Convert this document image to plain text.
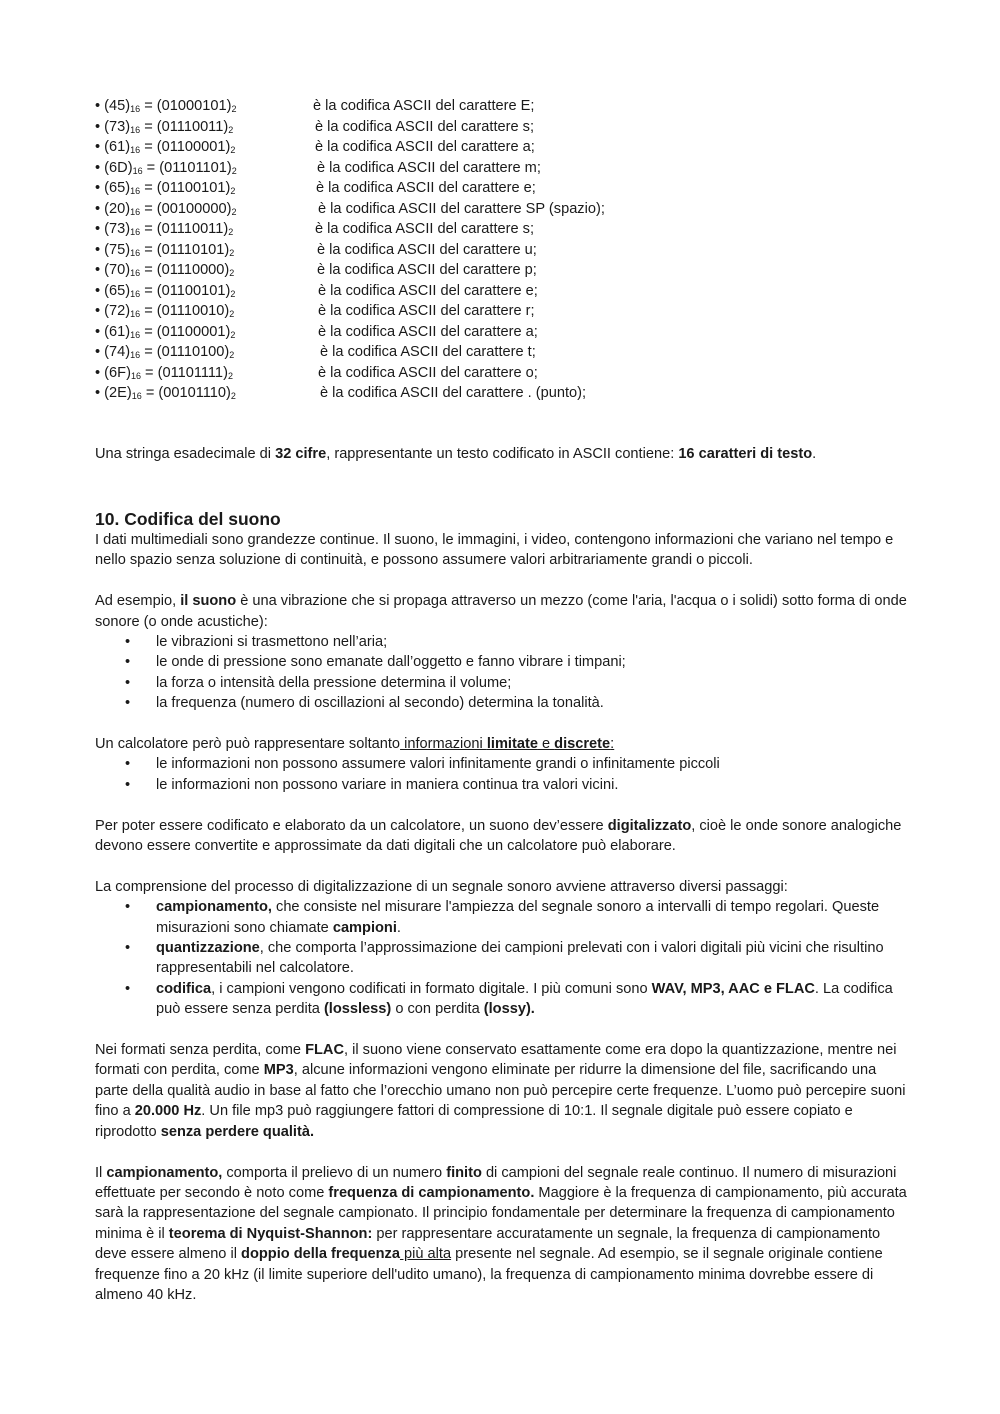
• $(45)_{16} = (01000101)_2$	è la codifica ASCII del carattere E;
• $(73)_{16} = (01110011)_2$	è la codifica ASCII del carattere s;
• $(61)_{16} = (01100001)_2$	è la codifica ASCII del carattere a;
• $(6D)_{16} = (01101101)_2$	è la codifica ASCII del carattere m;
• $(65)_{16} = (01100101)_2$	è la codifica ASCII del carattere e;
• $(20)_{16} = (00100000)_2$	è la codifica ASCII del carattere SP (spazio);
• $(73)_{16} = (01110011)_2$	è la codifica ASCII del carattere s;
• $(75)_{16} = (01110101)_2$	è la codifica ASCII del carattere u;
• $(70)_{16} = (01110000)_2$	è la codifica ASCII del carattere p;
• $(65)_{16} = (01100101)_2$	è la codifica ASCII del carattere e;
• $(72)_{16} = (01110010)_2$	è la codifica ASCII del carattere r;
• $(61)_{16} = (01100001)_2$	è la codifica ASCII del carattere a;
• $(74)_{16} = (01110100)_2$	è la codifica ASCII del carattere t;
• $(6F)_{16} = (01101111)_2$	è la codifica ASCII del carattere o;
• $(2E)_{16} = (00101110)_2$	è la codifica ASCII del carattere . (punto);

Una stringa esadecimale di 32 cifre, rappresentante un testo codificato in ASCII contiene: 16 caratteri di testo.

10. Codifica del suono

I dati multimediali sono grandezze continue. Il suono, le immagini, i video, contengono informazioni che variano nel tempo e nello spazio senza soluzione di continuità, e possono assumere valori arbitrariamente grandi o piccoli.

Ad esempio, il suono è una vibrazione che si propaga attraverso un mezzo (come l'aria, l'acqua o i solidi) sotto forma di onde sonore (o onde acustiche):

• le vibrazioni si trasmettono nell’aria;
• le onde di pressione sono emanate dall’oggetto e fanno vibrare i timpani;
• la forza o intensità della pressione determina il volume;
• la frequenza (numero di oscillazioni al secondo) determina la tonalità.

Un calcolatore però può rappresentare soltanto informazioni limitate e discrete:

• le informazioni non possono assumere valori infinitamente grandi o infinitamente piccoli
• le informazioni non possono variare in maniera continua tra valori vicini.

Per poter essere codificato e elaborato da un calcolatore, un suono dev’essere digitalizzato, cioè le onde sonore analogiche devono essere convertite e approssimate da dati digitali che un calcolatore può elaborare.

La comprensione del processo di digitalizzazione di un segnale sonoro avviene attraverso diversi passaggi:

• campionamento, che consiste nel misurare l'ampiezza del segnale sonoro a intervalli di tempo regolari. Queste misurazioni sono chiamate campioni.
• quantizzazione, che comporta l’approssimazione dei campioni prelevati con i valori digitali più vicini che risultino rappresentabili nel calcolatore.
• codifica, i campioni vengono codificati in formato digitale. I più comuni sono WAV, MP3, AAC e FLAC. La codifica può essere senza perdita (lossless) o con perdita (lossy).

Nei formati senza perdita, come FLAC, il suono viene conservato esattamente come era dopo la quantizzazione, mentre nei formati con perdita, come MP3, alcune informazioni vengono eliminate per ridurre la dimensione del file, sacrificando una parte della qualità audio in base al fatto che l’orecchio umano non può percepire certe frequenze. L’uomo può percepire suoni fino a 20.000 Hz. Un file mp3 può raggiungere fattori di compressione di 10:1. Il segnale digitale può essere copiato e riprodotto senza perdere qualità.

Il campionamento, comporta il prelievo di un numero finito di campioni del segnale reale continuo. Il numero di misurazioni effettuate per secondo è noto come frequenza di campionamento. Maggiore è la frequenza di campionamento, più accurata sarà la rappresentazione del segnale campionato. Il principio fondamentale per determinare la frequenza di campionamento minima è il teorema di Nyquist-Shannon: per rappresentare accuratamente un segnale, la frequenza di campionamento deve essere almeno il doppio della frequenza più alta presente nel segnale. Ad esempio, se il segnale originale contiene frequenze fino a 20 kHz (il limite superiore dell'udito umano), la frequenza di campionamento minima dovrebbe essere di almeno 40 kHz.
